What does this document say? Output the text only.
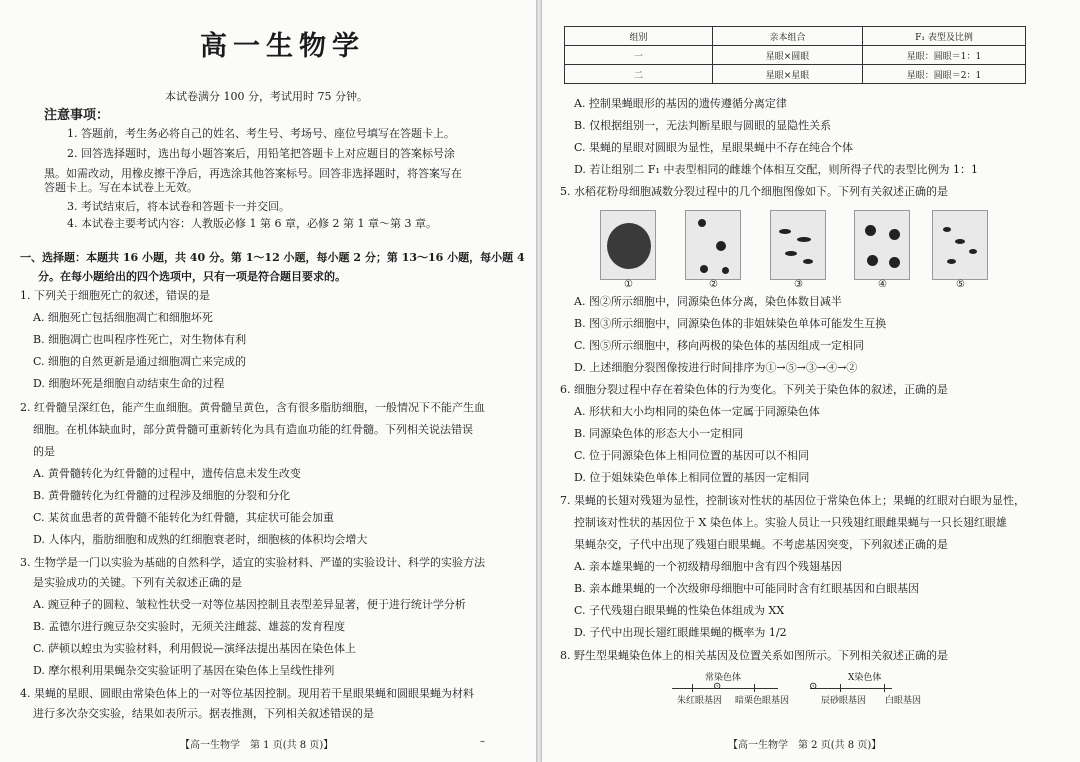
高一生物学
本试卷满分 100 分，考试用时 75 分钟。
注意事项：
1. 答题前，考生务必将自己的姓名、考生号、考场号、座位号填写在答题卡上。
2. 回答选择题时，选出每小题答案后，用铅笔把答题卡上对应题目的答案标号涂
黑。如需改动，用橡皮擦干净后，再选涂其他答案标号。回答非选择题时，将答案写在
答题卡上。写在本试卷上无效。
3. 考试结束后，将本试卷和答题卡一并交回。
4. 本试卷主要考试内容：人教版必修 1 第 6 章，必修 2 第 1 章～第 3 章。
一、选择题：本题共 16 小题，共 40 分。第 1～12 小题，每小题 2 分；第 13～16 小题，每小题 4
分。在每小题给出的四个选项中，只有一项是符合题目要求的。
1. 下列关于细胞死亡的叙述，错误的是
A. 细胞死亡包括细胞凋亡和细胞坏死
B. 细胞凋亡也叫程序性死亡，对生物体有利
C. 细胞的自然更新是通过细胞凋亡来完成的
D. 细胞坏死是细胞自动结束生命的过程
2. 红骨髓呈深红色，能产生血细胞。黄骨髓呈黄色，含有很多脂肪细胞，一般情况下不能产生血
细胞。在机体缺血时，部分黄骨髓可重新转化为具有造血功能的红骨髓。下列相关说法错误
的是
A. 黄骨髓转化为红骨髓的过程中，遗传信息未发生改变
B. 黄骨髓转化为红骨髓的过程涉及细胞的分裂和分化
C. 某贫血患者的黄骨髓不能转化为红骨髓，其症状可能会加重
D. 人体内，脂肪细胞和成熟的红细胞衰老时，细胞核的体积均会增大
3. 生物学是一门以实验为基础的自然科学，适宜的实验材料、严谨的实验设计、科学的实验方法
是实验成功的关键。下列有关叙述正确的是
A. 豌豆种子的圆粒、皱粒性状受一对等位基因控制且表型差异显著，便于进行统计学分析
B. 孟德尔进行豌豆杂交实验时，无须关注雌蕊、雄蕊的发育程度
C. 萨顿以蝗虫为实验材料，利用假说—演绎法提出基因在染色体上
D. 摩尔根利用果蝇杂交实验证明了基因在染色体上呈线性排列
4. 果蝇的星眼、圆眼由常染色体上的一对等位基因控制。现用若干星眼果蝇和圆眼果蝇为材料
进行多次杂交实验，结果如表所示。据表推测，下列相关叙述错误的是
【高一生物学　第 1 页(共 8 页)】	–
组别	亲本组合	F₁ 表型及比例
一	星眼×圆眼	星眼：圆眼＝1：1
二	星眼×星眼	星眼：圆眼＝2：1
A. 控制果蝇眼形的基因的遗传遵循分离定律
B. 仅根据组别一，无法判断星眼与圆眼的显隐性关系
C. 果蝇的星眼对圆眼为显性，星眼果蝇中不存在纯合个体
D. 若让组别二 F₁ 中表型相同的雌雄个体相互交配，则所得子代的表型比例为 1：1
5. 水稻花粉母细胞减数分裂过程中的几个细胞图像如下。下列有关叙述正确的是
①	②	③	④	⑤
A. 图②所示细胞中，同源染色体分离，染色体数目减半
B. 图③所示细胞中，同源染色体的非姐妹染色单体可能发生互换
C. 图⑤所示细胞中，移向两极的染色体的基因组成一定相同
D. 上述细胞分裂图像按进行时间排序为①→⑤→③→④→②
6. 细胞分裂过程中存在着染色体的行为变化。下列关于染色体的叙述，正确的是
A. 形状和大小均相同的染色体一定属于同源染色体
B. 同源染色体的形态大小一定相同
C. 位于同源染色体上相同位置的基因可以不相同
D. 位于姐妹染色单体上相同位置的基因一定相同
7. 果蝇的长翅对残翅为显性，控制该对性状的基因位于常染色体上；果蝇的红眼对白眼为显性，
控制该对性状的基因位于 X 染色体上。实验人员让一只残翅红眼雌果蝇与一只长翅红眼雄
果蝇杂交，子代中出现了残翅白眼果蝇。不考虑基因突变，下列叙述正确的是
A. 亲本雄果蝇的一个初级精母细胞中含有四个残翅基因
B. 亲本雌果蝇的一个次级卵母细胞中可能同时含有红眼基因和白眼基因
C. 子代残翅白眼果蝇的性染色体组成为 XX
D. 子代中出现长翅红眼雌果蝇的概率为 1/2
8. 野生型果蝇染色体上的相关基因及位置关系如图所示。下列相关叙述正确的是
常染色体	X染色体
⊙	⊙
朱红眼基因 暗栗色眼基因	辰砂眼基因 白眼基因
【高一生物学　第 2 页(共 8 页)】
